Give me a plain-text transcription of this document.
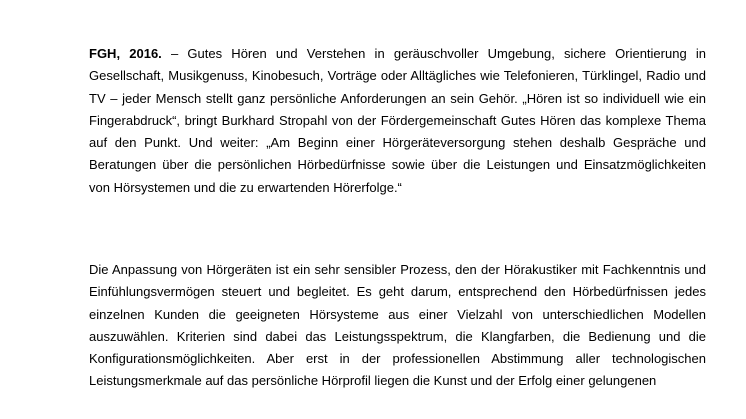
FGH, 2016. – Gutes Hören und Verstehen in geräuschvoller Umgebung, sichere Orientierung in Gesellschaft, Musikgenuss, Kinobesuch, Vorträge oder Alltägliches wie Telefonieren, Türklingel, Radio und TV – jeder Mensch stellt ganz persönliche Anforderungen an sein Gehör. „Hören ist so individuell wie ein Fingerabdruck“, bringt Burkhard Stropahl von der Fördergemeinschaft Gutes Hören das komplexe Thema auf den Punkt. Und weiter: „Am Beginn einer Hörgeräteversorgung stehen deshalb Gespräche und Beratungen über die persönlichen Hörbedürfnisse sowie über die Leistungen und Einsatzmöglichkeiten von Hörsystemen und die zu erwartenden Hörerfolge.“

Die Anpassung von Hörgeräten ist ein sehr sensibler Prozess, den der Hörakustiker mit Fachkenntnis und Einfühlungsvermögen steuert und begleitet. Es geht darum, entsprechend den Hörbedürfnissen jedes einzelnen Kunden die geeigneten Hörsysteme aus einer Vielzahl von unterschiedlichen Modellen auszuwählen. Kriterien sind dabei das Leistungsspektrum, die Klangfarben, die Bedienung und die Konfigurationsmöglichkeiten. Aber erst in der professionellen Abstimmung aller technologischen Leistungsmerkmale auf das persönliche Hörprofil liegen die Kunst und der Erfolg einer gelungenen
